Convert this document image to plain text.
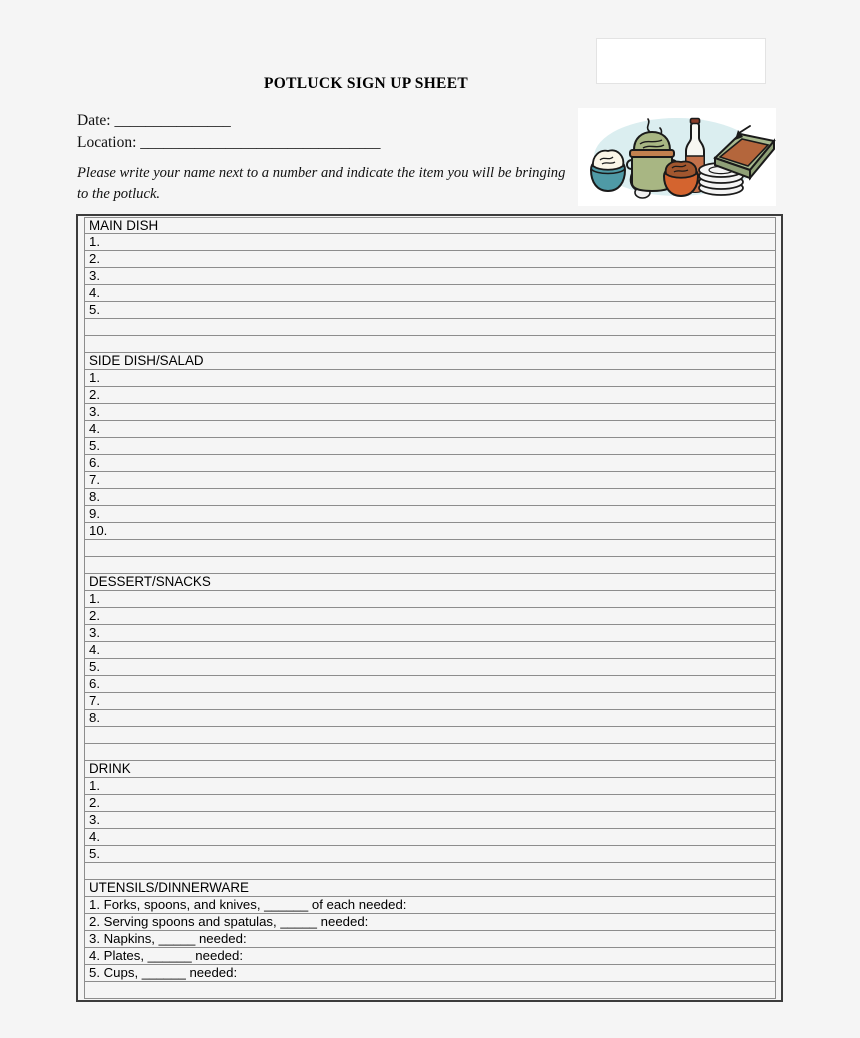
POTLUCK SIGN UP SHEET
Date: _______________
Location: _______________________________
Please write your name next to a number and indicate the item you will be bringing to the potluck.
MAIN DISH
1.
2.
3.
4.
5.
SIDE DISH/SALAD
1.
2.
3.
4.
5.
6.
7.
8.
9.
10.
DESSERT/SNACKS
1.
2.
3.
4.
5.
6.
7.
8.
DRINK
1.
2.
3.
4.
5.
UTENSILS/DINNERWARE
1. Forks, spoons, and knives, ______ of each needed:
2. Serving spoons and spatulas, _____ needed:
3. Napkins, _____ needed:
4. Plates, ______ needed:
5. Cups, ______ needed:
